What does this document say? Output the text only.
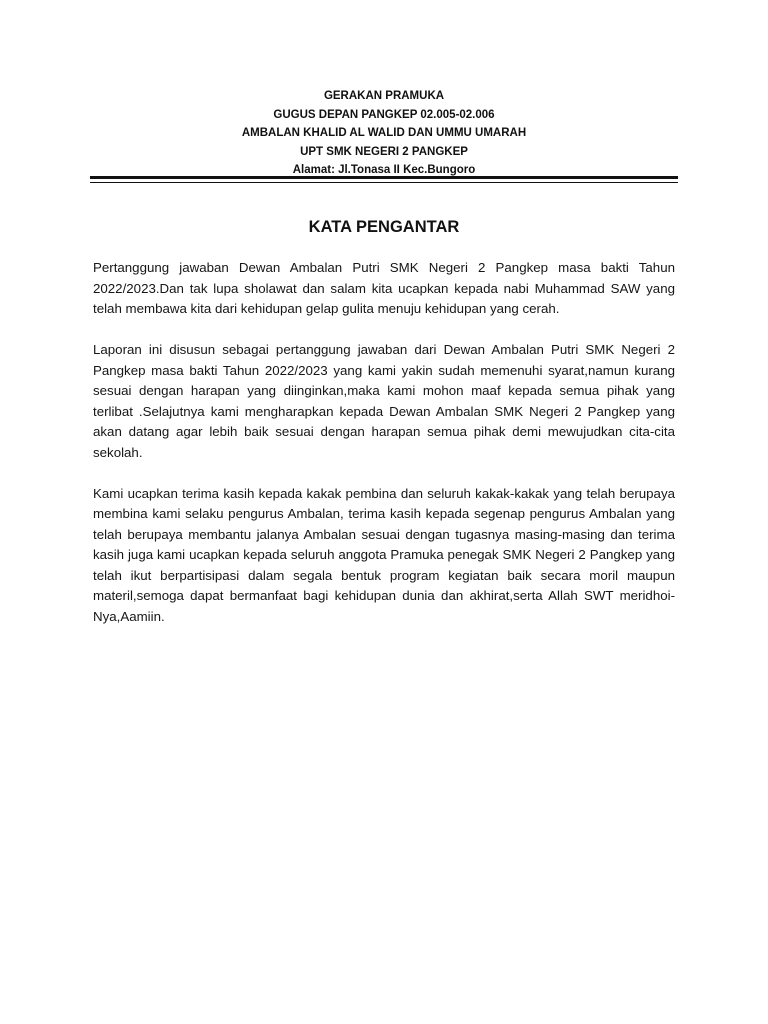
GERAKAN PRAMUKA
GUGUS DEPAN PANGKEP 02.005-02.006
AMBALAN KHALID AL WALID DAN UMMU UMARAH
UPT SMK NEGERI 2 PANGKEP
Alamat: Jl.Tonasa II Kec.Bungoro
KATA PENGANTAR

Pertanggung jawaban Dewan Ambalan Putri SMK Negeri 2 Pangkep masa bakti Tahun 2022/2023.Dan tak lupa sholawat dan salam kita ucapkan kepada nabi Muhammad SAW yang telah membawa kita dari kehidupan gelap gulita menuju kehidupan yang cerah.

Laporan ini disusun sebagai pertanggung jawaban dari Dewan Ambalan Putri SMK Negeri 2 Pangkep masa bakti Tahun 2022/2023 yang kami yakin sudah memenuhi syarat,namun kurang sesuai dengan harapan yang diinginkan,maka kami mohon maaf kepada semua pihak yang terlibat .Selajutnya kami mengharapkan kepada Dewan Ambalan SMK Negeri 2 Pangkep yang akan datang agar lebih baik sesuai dengan harapan semua pihak demi mewujudkan cita-cita sekolah.

Kami ucapkan terima kasih kepada kakak pembina dan seluruh kakak-kakak yang telah berupaya membina kami selaku pengurus Ambalan, terima kasih kepada segenap pengurus Ambalan yang telah berupaya membantu jalanya Ambalan sesuai dengan tugasnya masing-masing dan terima kasih juga kami ucapkan kepada seluruh anggota Pramuka penegak SMK Negeri 2 Pangkep yang telah ikut berpartisipasi dalam segala bentuk program kegiatan baik secara moril maupun materil,semoga dapat bermanfaat bagi kehidupan dunia dan akhirat,serta Allah SWT meridhoi-Nya,Aamiin.
